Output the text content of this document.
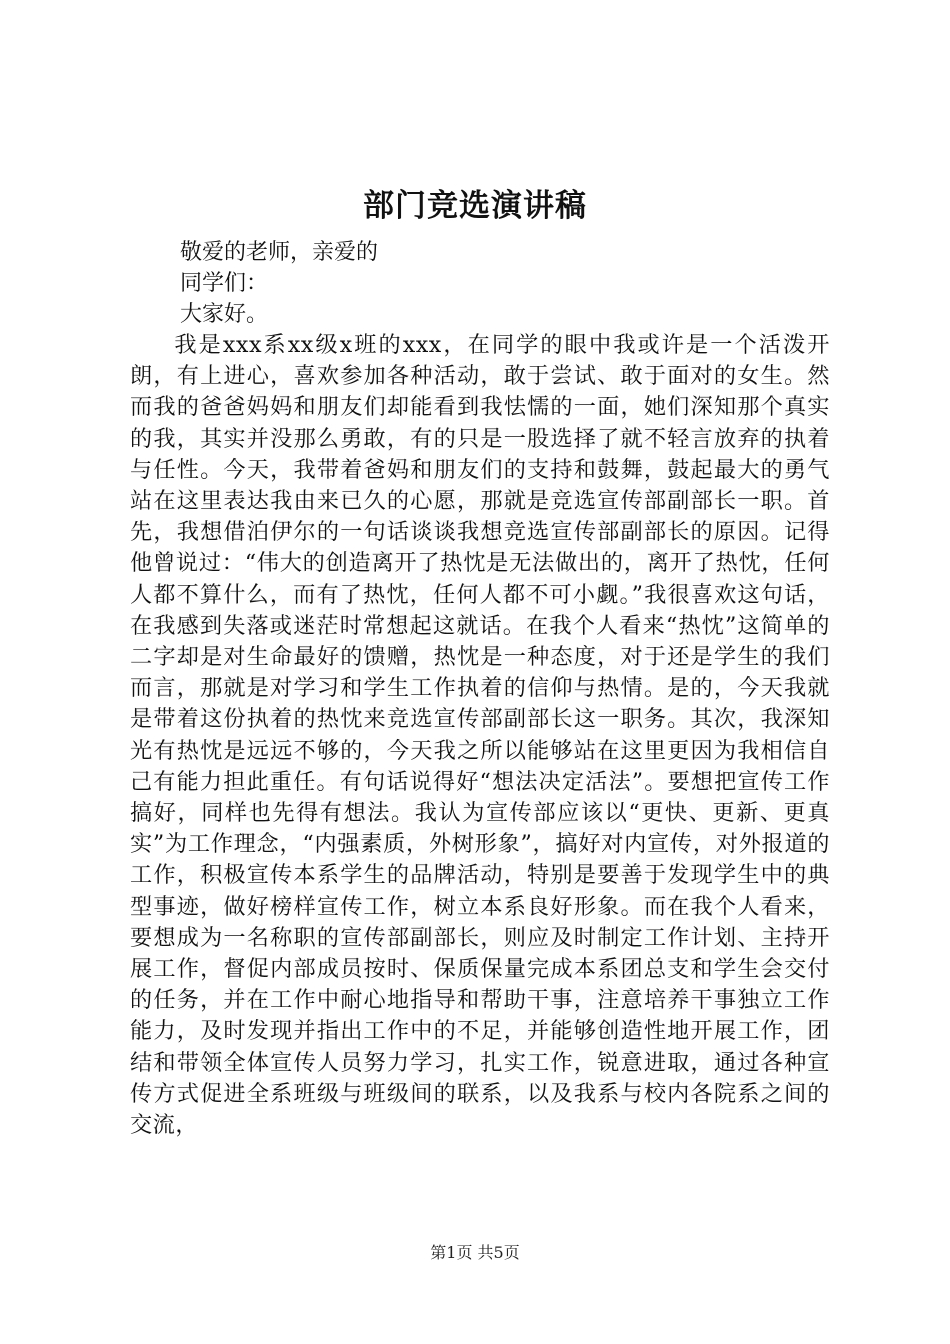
部门竞选演讲稿
敬爱的老师，亲爱的
同学们：
大家好。

我是xxx系xx级x班的xxx，在同学的眼中我或许是一个活泼开朗，有上进心，喜欢参加各种活动，敢于尝试、敢于面对的女生。然而我的爸爸妈妈和朋友们却能看到我怯懦的一面，她们深知那个真实的我，其实并没那么勇敢，有的只是一股选择了就不轻言放弃的执着与任性。今天，我带着爸妈和朋友们的支持和鼓舞，鼓起最大的勇气站在这里表达我由来已久的心愿，那就是竞选宣传部副部长一职。首先，我想借泊伊尔的一句话谈谈我想竞选宣传部副部长的原因。记得他曾说过：“伟大的创造离开了热忱是无法做出的，离开了热忱，任何人都不算什么，而有了热忱，任何人都不可小觑。”我很喜欢这句话，在我感到失落或迷茫时常想起这就话。在我个人看来“热忱”这简单的二字却是对生命最好的馈赠，热忱是一种态度，对于还是学生的我们而言，那就是对学习和学生工作执着的信仰与热情。是的，今天我就是带着这份执着的热忱来竞选宣传部副部长这一职务。其次，我深知光有热忱是远远不够的，今天我之所以能够站在这里更因为我相信自己有能力担此重任。有句话说得好“想法决定活法”。要想把宣传工作搞好，同样也先得有想法。我认为宣传部应该以“更快、更新、更真实”为工作理念，“内强素质，外树形象”，搞好对内宣传，对外报道的工作，积极宣传本系学生的品牌活动，特别是要善于发现学生中的典型事迹，做好榜样宣传工作，树立本系良好形象。而在我个人看来，要想成为一名称职的宣传部副部长，则应及时制定工作计划、主持开展工作，督促内部成员按时、保质保量完成本系团总支和学生会交付的任务，并在工作中耐心地指导和帮助干事，注意培养干事独立工作能力，及时发现并指出工作中的不足，并能够创造性地开展工作，团结和带领全体宣传人员努力学习，扎实工作，锐意进取，通过各种宣传方式促进全系班级与班级间的联系，以及我系与校内各院系之间的交流，

第1页 共5页
